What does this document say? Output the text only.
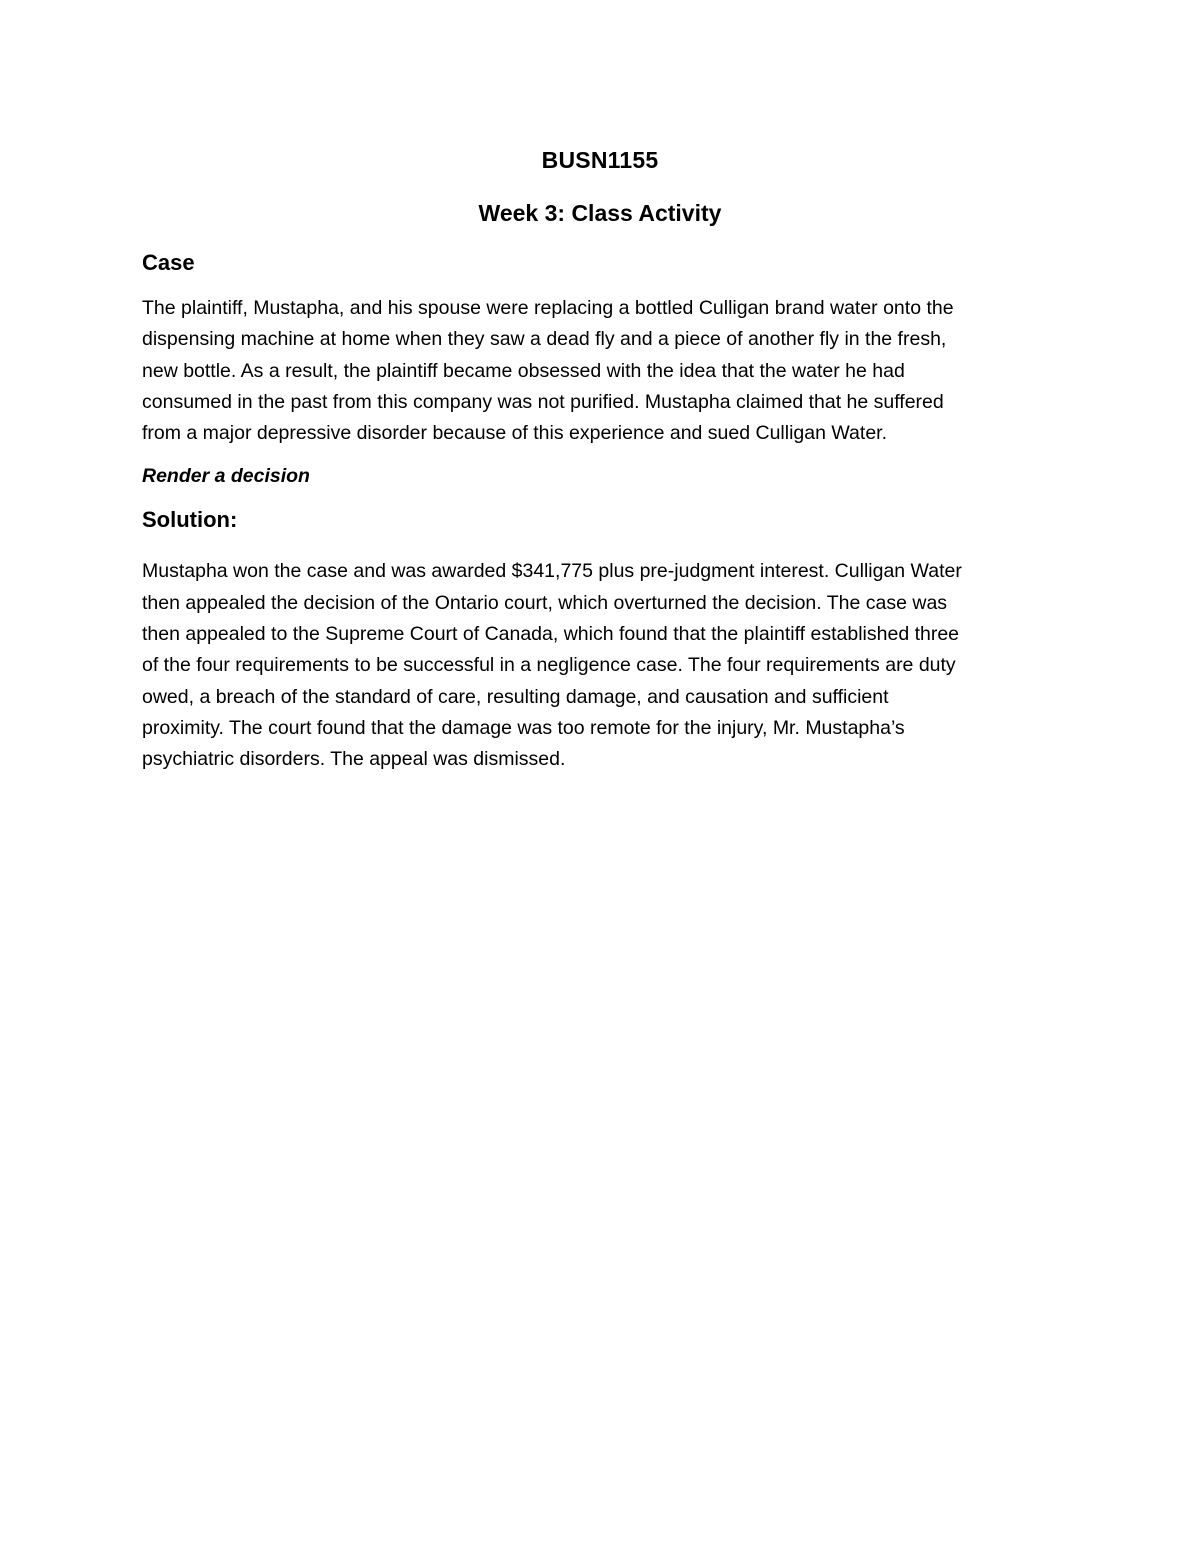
BUSN1155
Week 3: Class Activity
Case
The plaintiff, Mustapha, and his spouse were replacing a bottled Culligan brand water onto the
dispensing machine at home when they saw a dead fly and a piece of another fly in the fresh,
new bottle. As a result, the plaintiff became obsessed with the idea that the water he had
consumed in the past from this company was not purified. Mustapha claimed that he suffered
from a major depressive disorder because of this experience and sued Culligan Water.
Render a decision
Solution:
Mustapha won the case and was awarded $341,775 plus pre-judgment interest. Culligan Water
then appealed the decision of the Ontario court, which overturned the decision. The case was
then appealed to the Supreme Court of Canada, which found that the plaintiff established three
of the four requirements to be successful in a negligence case. The four requirements are duty
owed, a breach of the standard of care, resulting damage, and causation and sufficient
proximity. The court found that the damage was too remote for the injury, Mr. Mustapha’s
psychiatric disorders. The appeal was dismissed.
